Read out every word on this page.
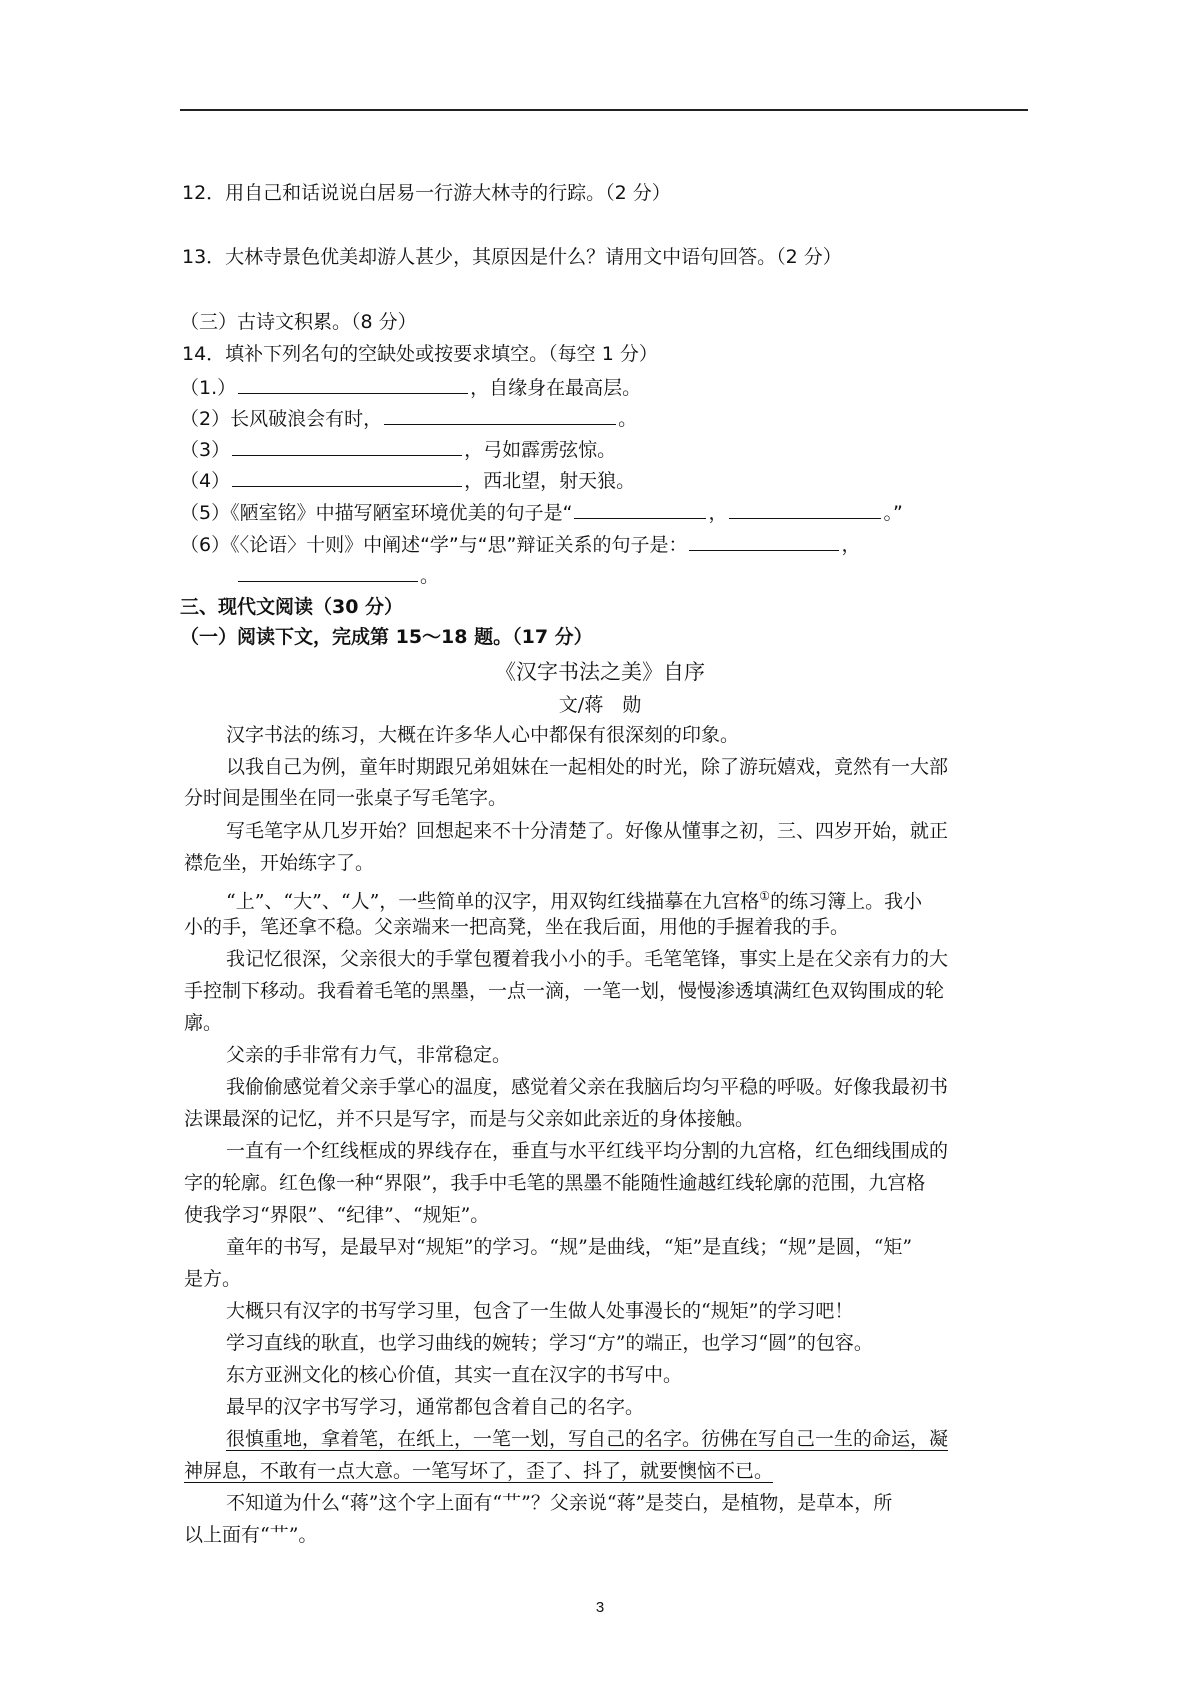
12．用自己和话说说白居易一行游大林寺的行踪。（2 分）
13．大林寺景色优美却游人甚少，其原因是什么？请用文中语句回答。（2 分）
（三）古诗文积累。（8 分）
14．填补下列名句的空缺处或按要求填空。（每空 1 分）
（1.）	，自缘身在最高层。
（2）长风破浪会有时，	。
（3）	，弓如霹雳弦惊。
（4）	，西北望，射天狼。
（5）《陋室铭》中描写陋室环境优美的句子是“	，	。”
（6）《〈论语〉十则》中阐述“学”与“思”辩证关系的句子是：	，
。
三、现代文阅读（30 分）
（一）阅读下文，完成第 15～18 题。（17 分）
《汉字书法之美》自序
文/蒋　勋
汉字书法的练习，大概在许多华人心中都保有很深刻的印象。
以我自己为例，童年时期跟兄弟姐妹在一起相处的时光，除了游玩嬉戏，竟然有一大部
分时间是围坐在同一张桌子写毛笔字。
写毛笔字从几岁开始？回想起来不十分清楚了。好像从懂事之初，三、四岁开始，就正
襟危坐，开始练字了。
“上”、“大”、“人”，一些简单的汉字，用双钩红线描摹在九宫格①的练习簿上。我小
小的手，笔还拿不稳。父亲端来一把高凳，坐在我后面，用他的手握着我的手。
我记忆很深，父亲很大的手掌包覆着我小小的手。毛笔笔锋，事实上是在父亲有力的大
手控制下移动。我看着毛笔的黑墨，一点一滴，一笔一划，慢慢渗透填满红色双钩围成的轮
廓。
父亲的手非常有力气，非常稳定。
我偷偷感觉着父亲手掌心的温度，感觉着父亲在我脑后均匀平稳的呼吸。好像我最初书
法课最深的记忆，并不只是写字，而是与父亲如此亲近的身体接触。
一直有一个红线框成的界线存在，垂直与水平红线平均分割的九宫格，红色细线围成的
字的轮廓。红色像一种“界限”，我手中毛笔的黑墨不能随性逾越红线轮廓的范围，九宫格
使我学习“界限”、“纪律”、“规矩”。
童年的书写，是最早对“规矩”的学习。“规”是曲线，“矩”是直线；“规”是圆，“矩”
是方。
大概只有汉字的书写学习里，包含了一生做人处事漫长的“规矩”的学习吧！
学习直线的耿直，也学习曲线的婉转；学习“方”的端正，也学习“圆”的包容。
东方亚洲文化的核心价值，其实一直在汉字的书写中。
最早的汉字书写学习，通常都包含着自己的名字。
很慎重地，拿着笔，在纸上，一笔一划，写自己的名字。彷佛在写自己一生的命运，凝
神屏息，不敢有一点大意。一笔写坏了，歪了、抖了，就要懊恼不已。
不知道为什么“蒋”这个字上面有“艹”？父亲说“蒋”是茭白，是植物，是草本，所
以上面有“艹”。
3
